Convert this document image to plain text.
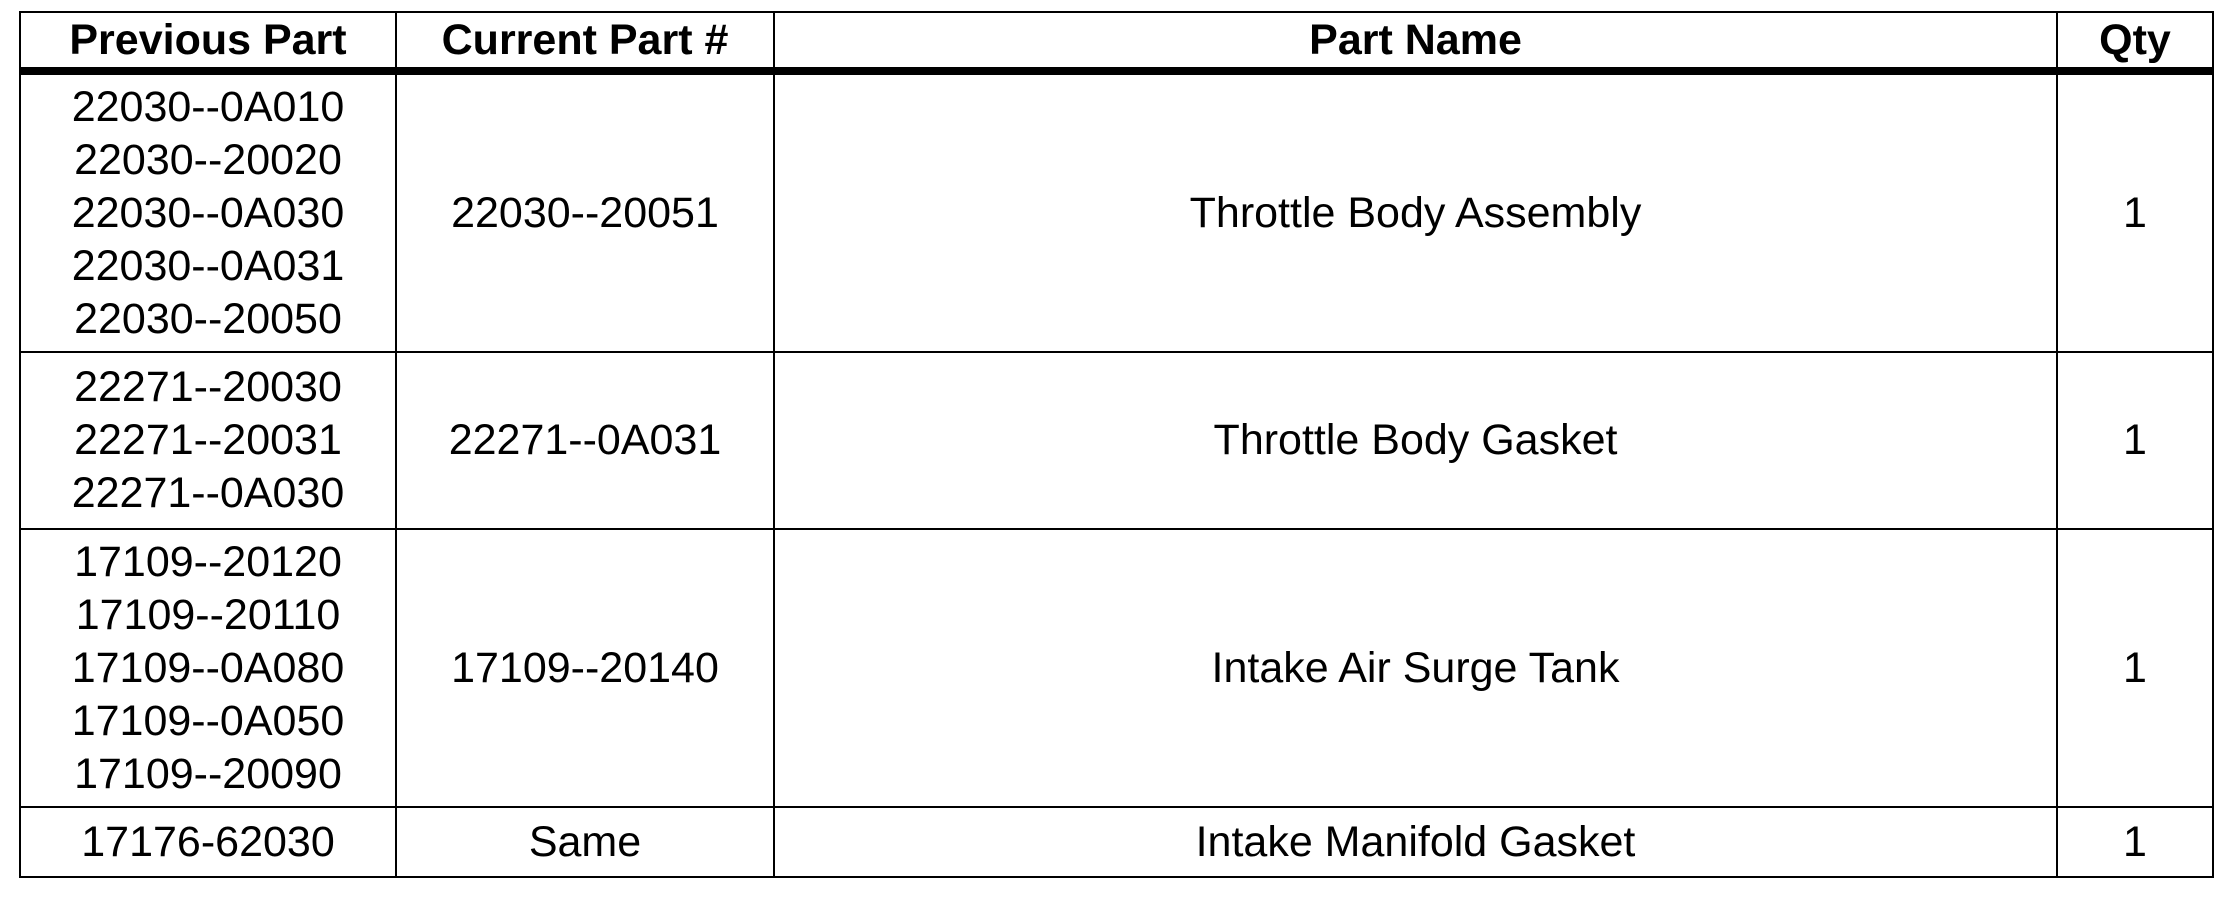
Previous Part	Current Part #	Part Name	Qty

22030--0A010
22030--20020
22030--0A030
22030--0A031
22030--20050	22030--20051	Throttle Body Assembly	1

22271--20030
22271--20031
22271--0A030	22271--0A031	Throttle Body Gasket	1

17109--20120
17109--20110
17109--0A080
17109--0A050
17109--20090	17109--20140	Intake Air Surge Tank	1

17176-62030	Same	Intake Manifold Gasket	1
